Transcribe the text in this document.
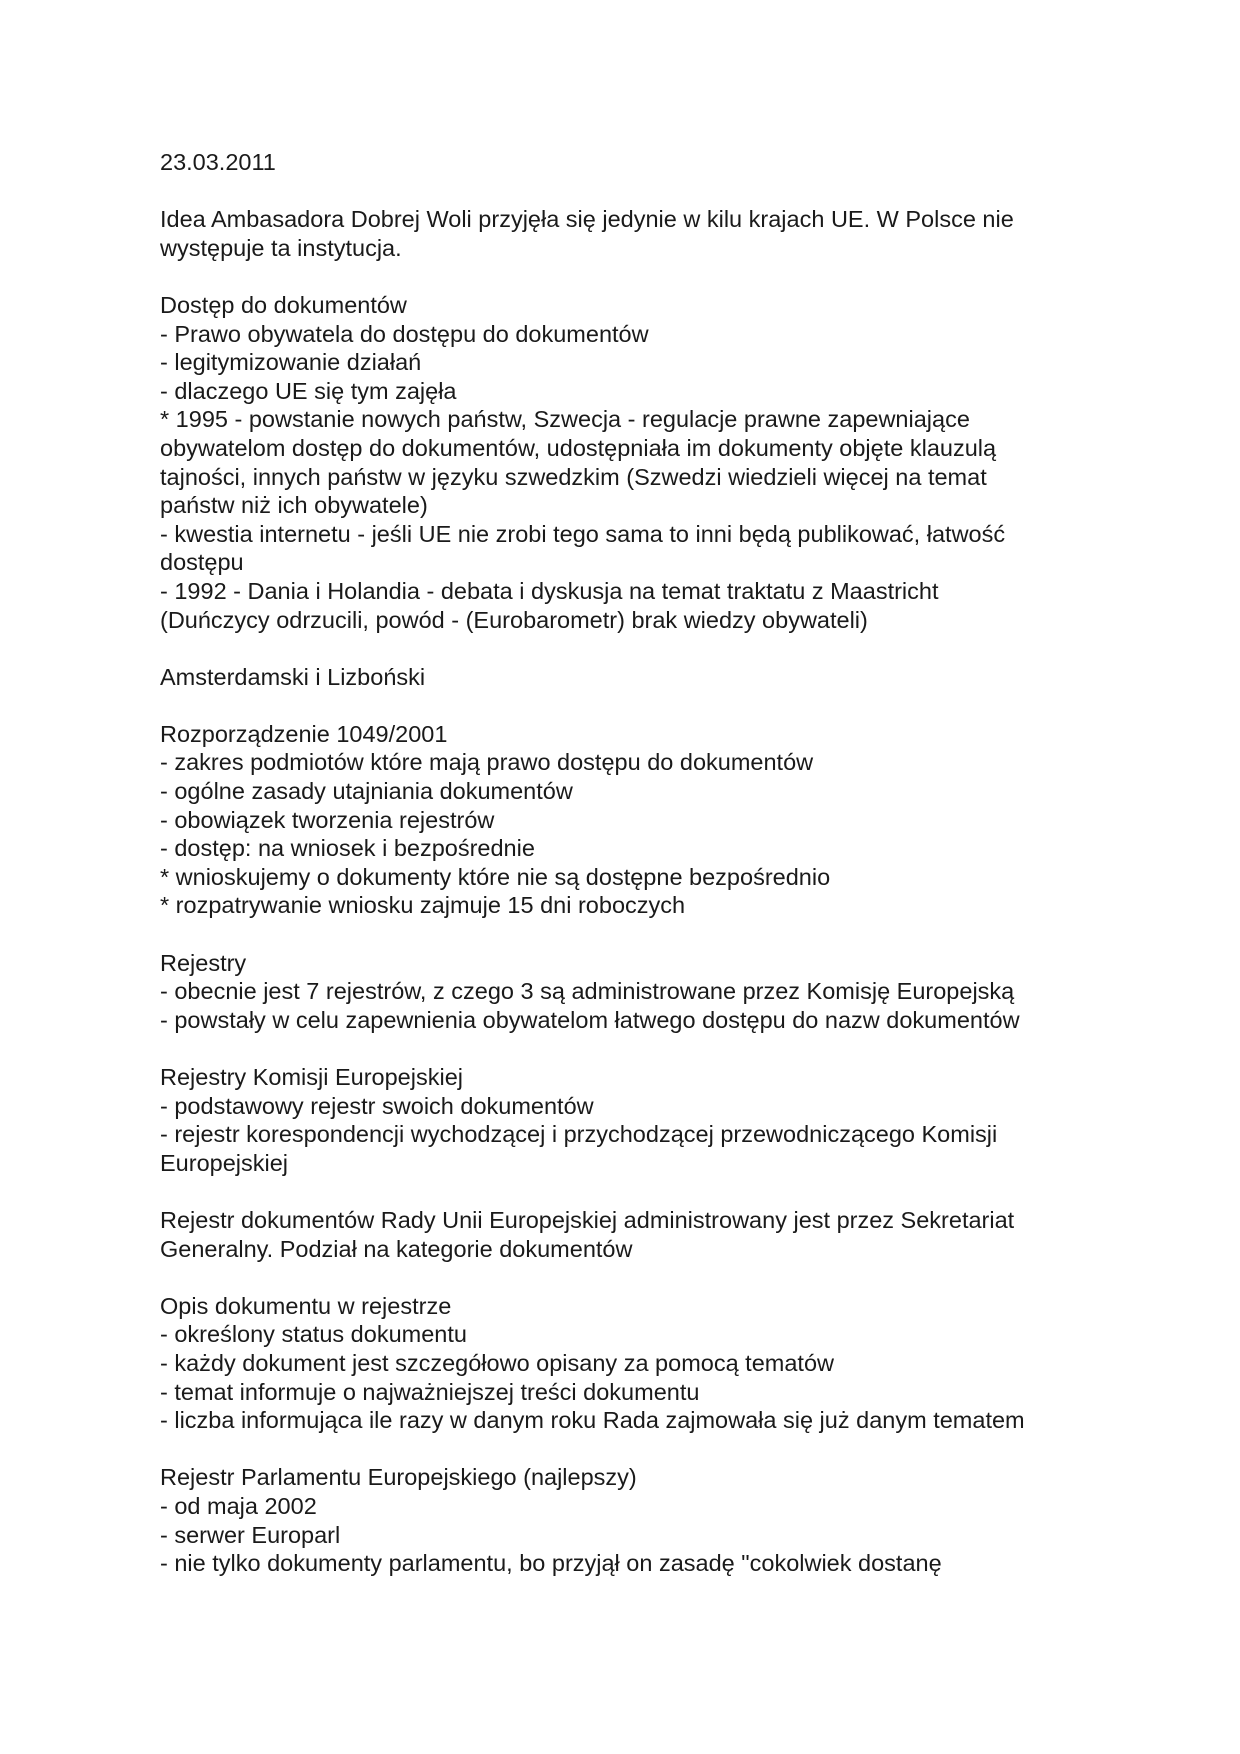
23.03.2011
Idea Ambasadora Dobrej Woli przyjęła się jedynie w kilu krajach UE. W Polsce nie
występuje ta instytucja.
Dostęp do dokumentów
- Prawo obywatela do dostępu do dokumentów
- legitymizowanie działań
- dlaczego UE się tym zajęła
* 1995 - powstanie nowych państw, Szwecja - regulacje prawne zapewniające
obywatelom dostęp do dokumentów, udostępniała im dokumenty objęte klauzulą
tajności, innych państw w języku szwedzkim (Szwedzi wiedzieli więcej na temat
państw niż ich obywatele)
- kwestia internetu - jeśli UE nie zrobi tego sama to inni będą publikować, łatwość
dostępu
- 1992 - Dania i Holandia - debata i dyskusja na temat traktatu z Maastricht
(Duńczycy odrzucili, powód - (Eurobarometr) brak wiedzy obywateli)
Amsterdamski i Lizboński
Rozporządzenie 1049/2001
- zakres podmiotów które mają prawo dostępu do dokumentów
- ogólne zasady utajniania dokumentów
- obowiązek tworzenia rejestrów
- dostęp: na wniosek i bezpośrednie
* wnioskujemy o dokumenty które nie są dostępne bezpośrednio
* rozpatrywanie wniosku zajmuje 15 dni roboczych
Rejestry
- obecnie jest 7 rejestrów, z czego 3 są administrowane przez Komisję Europejską
- powstały w celu zapewnienia obywatelom łatwego dostępu do nazw dokumentów
Rejestry Komisji Europejskiej
- podstawowy rejestr swoich dokumentów
- rejestr korespondencji wychodzącej i przychodzącej przewodniczącego Komisji
Europejskiej
Rejestr dokumentów Rady Unii Europejskiej administrowany jest przez Sekretariat
Generalny. Podział na kategorie dokumentów
Opis dokumentu w rejestrze
- określony status dokumentu
- każdy dokument jest szczegółowo opisany za pomocą tematów
- temat informuje o najważniejszej treści dokumentu
- liczba informująca ile razy w danym roku Rada zajmowała się już danym tematem
Rejestr Parlamentu Europejskiego (najlepszy)
- od maja 2002
- serwer Europarl
- nie tylko dokumenty parlamentu, bo przyjął on zasadę "cokolwiek dostanę
